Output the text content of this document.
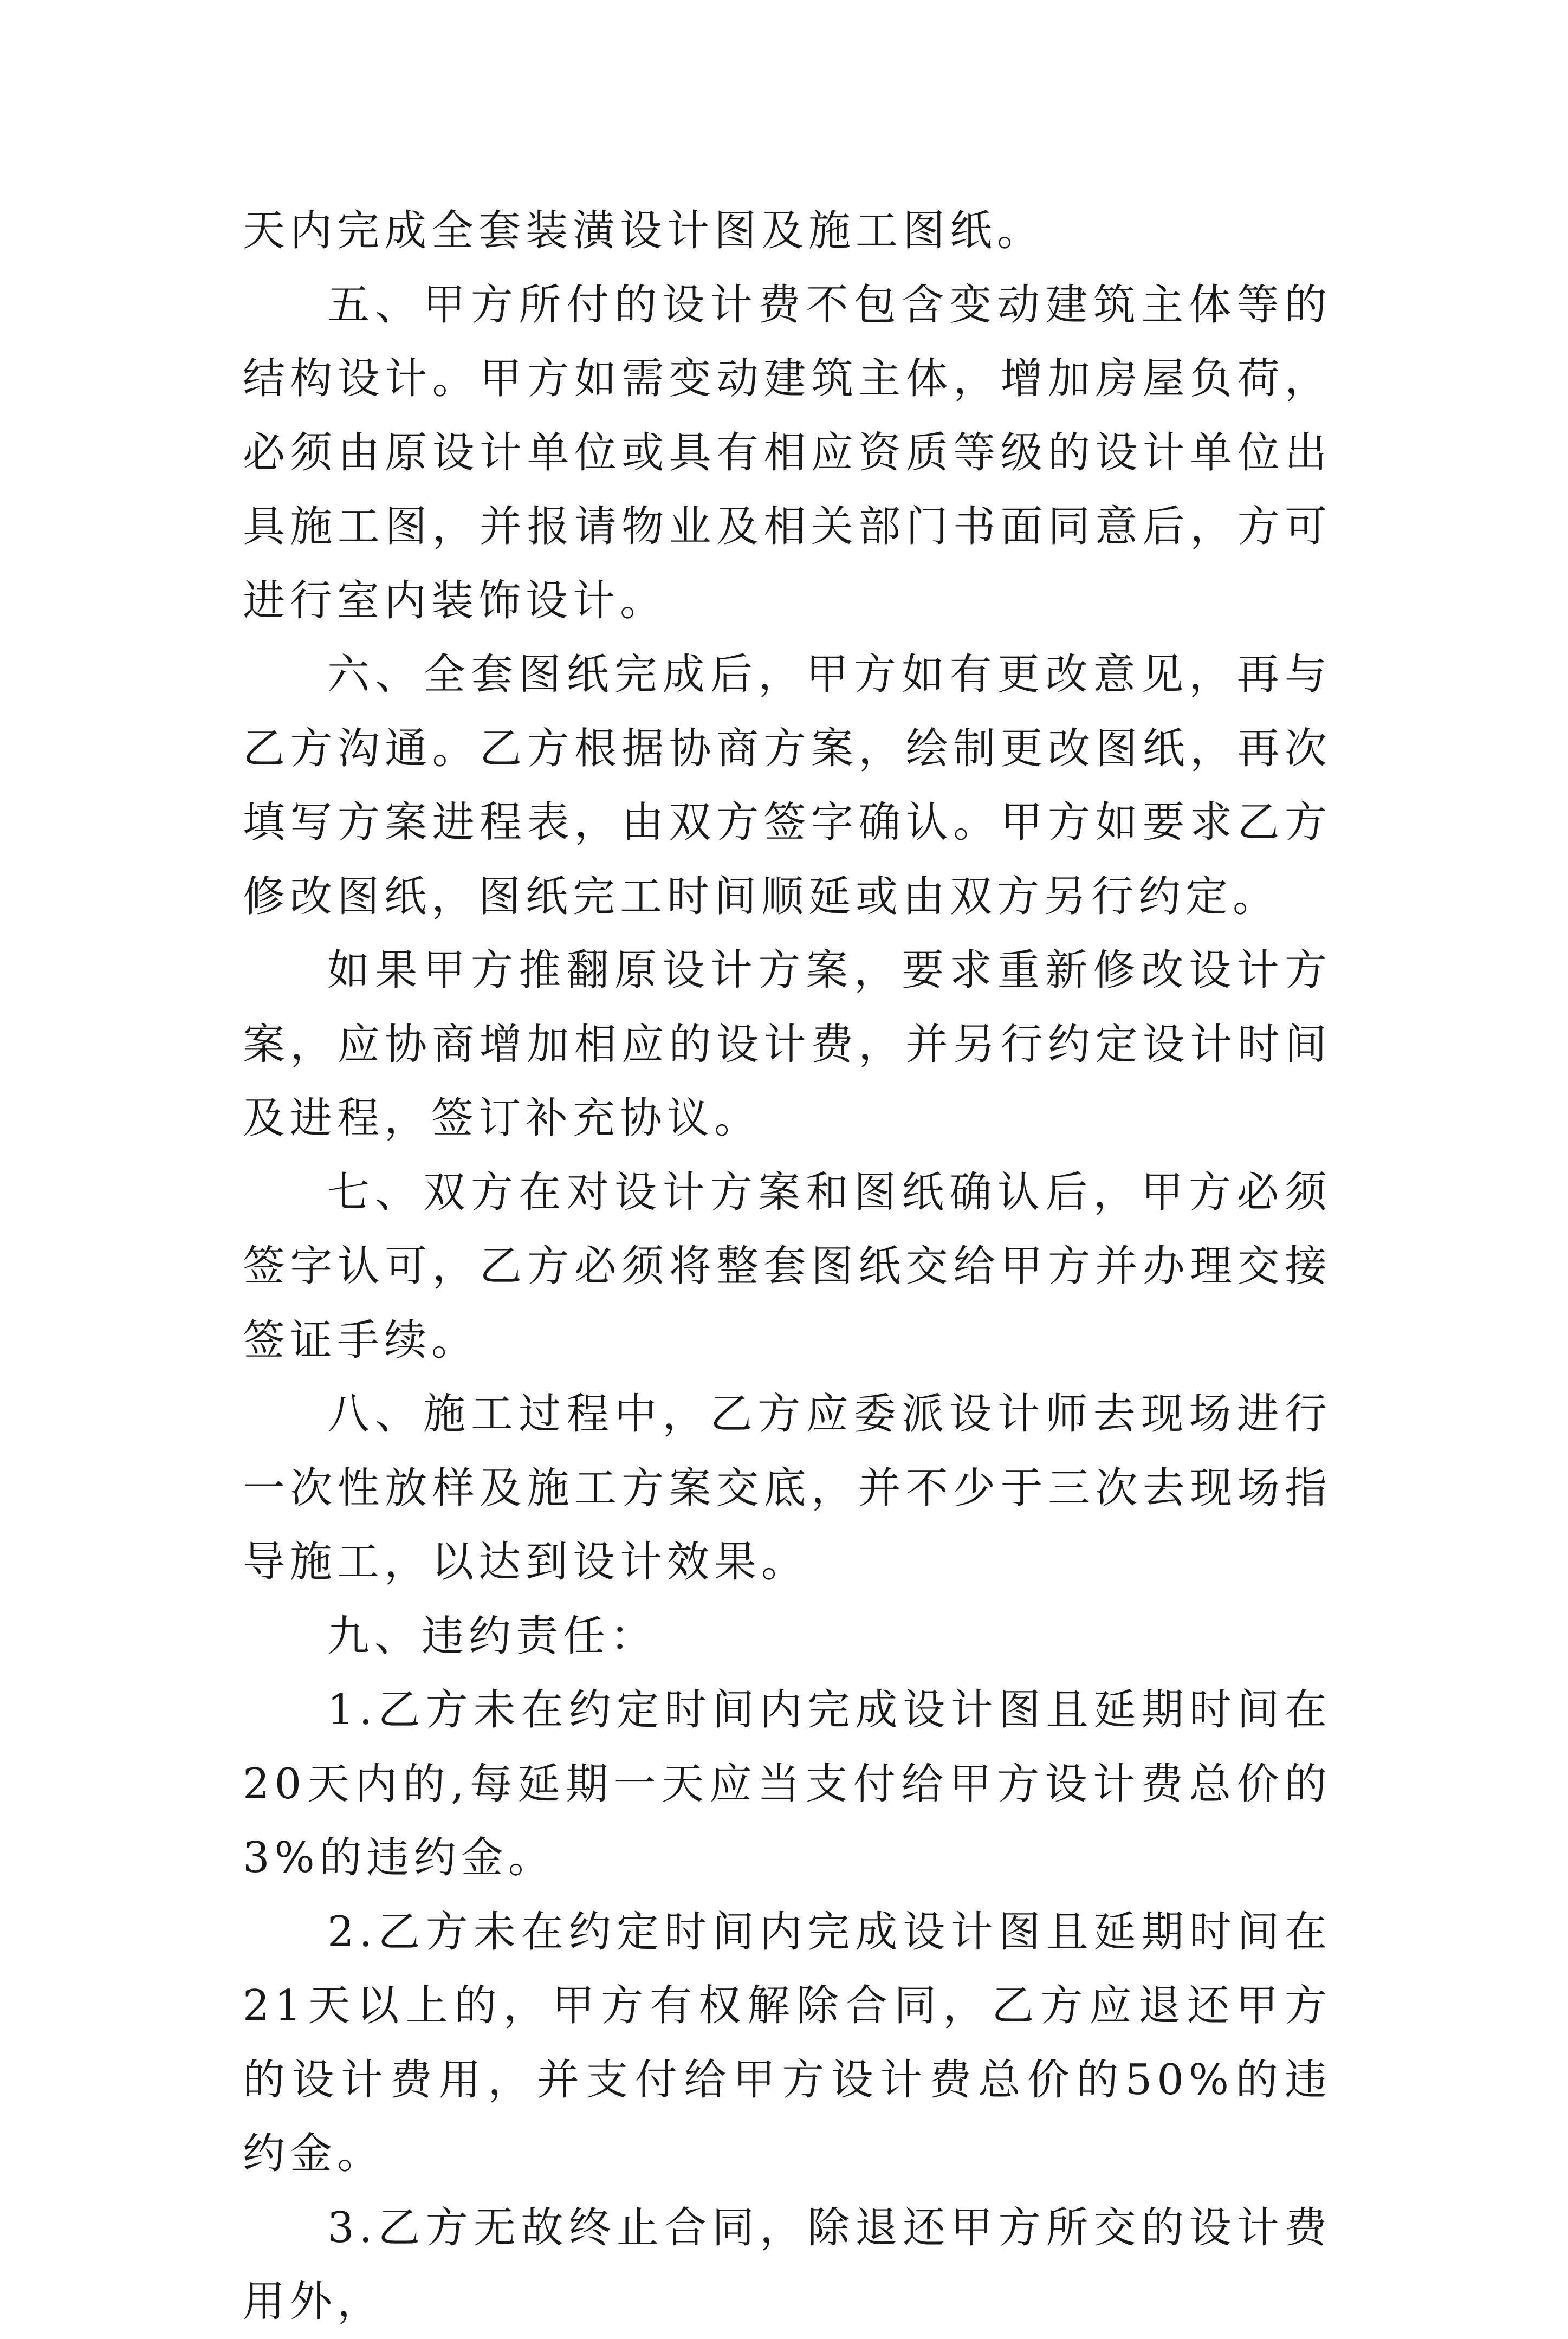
天内完成全套装潢设计图及施工图纸。

五、甲方所付的设计费不包含变动建筑主体等的结构设计。甲方如需变动建筑主体，增加房屋负荷，必须由原设计单位或具有相应资质等级的设计单位出具施工图，并报请物业及相关部门书面同意后，方可进行室内装饰设计。

六、全套图纸完成后，甲方如有更改意见，再与乙方沟通。乙方根据协商方案，绘制更改图纸，再次填写方案进程表，由双方签字确认。甲方如要求乙方修改图纸，图纸完工时间顺延或由双方另行约定。

如果甲方推翻原设计方案，要求重新修改设计方案，应协商增加相应的设计费，并另行约定设计时间及进程，签订补充协议。

七、双方在对设计方案和图纸确认后，甲方必须签字认可，乙方必须将整套图纸交给甲方并办理交接签证手续。

八、施工过程中，乙方应委派设计师去现场进行一次性放样及施工方案交底，并不少于三次去现场指导施工，以达到设计效果。

九、违约责任：

1.乙方未在约定时间内完成设计图且延期时间在20天内的,每延期一天应当支付给甲方设计费总价的3%的违约金。

2.乙方未在约定时间内完成设计图且延期时间在21天以上的，甲方有权解除合同，乙方应退还甲方的设计费用，并支付给甲方设计费总价的50%的违约金。

3.乙方无故终止合同，除退还甲方所交的设计费用外，
